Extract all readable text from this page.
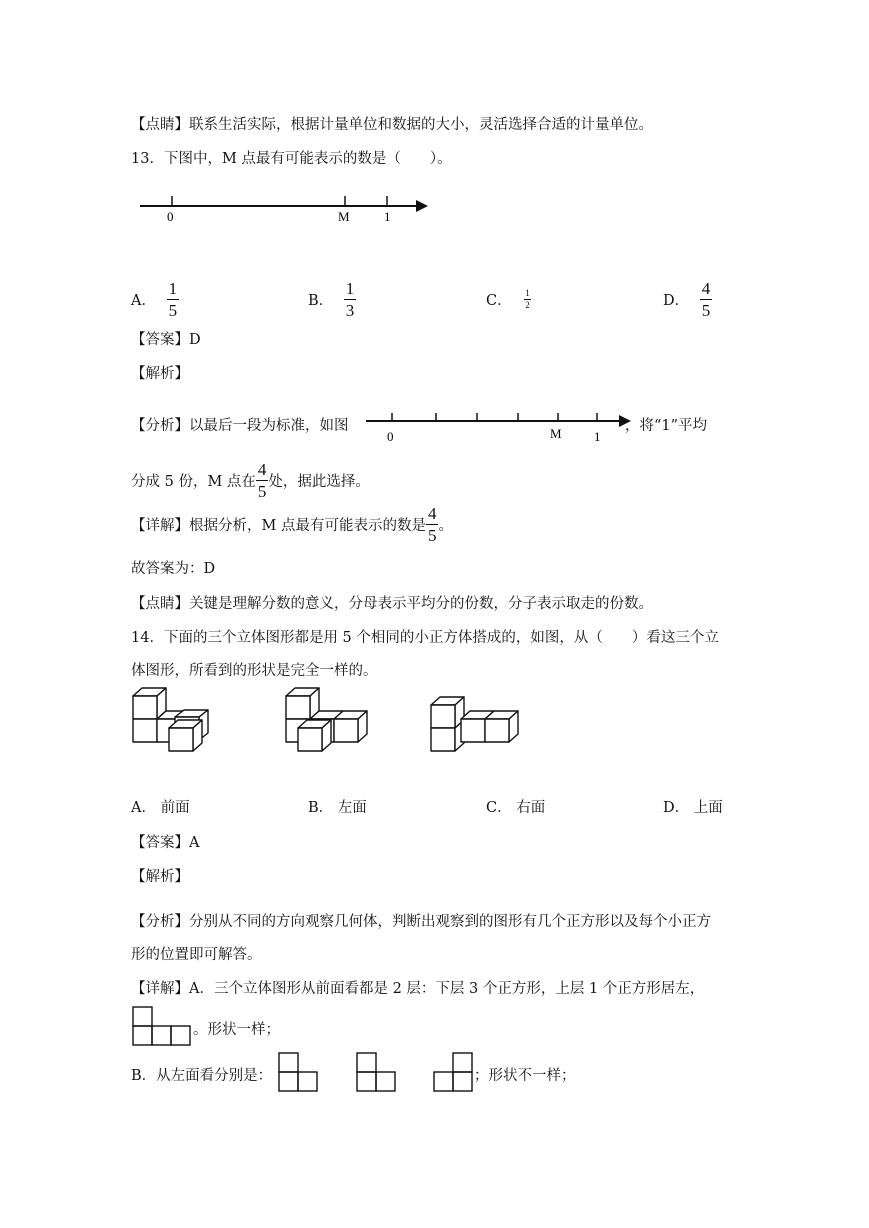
【点睛】联系生活实际，根据计量单位和数据的大小，灵活选择合适的计量单位。
13．下图中，M 点最有可能表示的数是（　　）。
0	M	1
A． $\frac{1}{5}$	B． $\frac{1}{3}$	C． $\frac{1}{2}$	D． $\frac{4}{5}$
【答案】D
【解析】
【分析】以最后一段为标准，如图
0	M 1
，将“1”平均
分成 5 份，M 点在 $\frac{4}{5}$ 处，据此选择。
【详解】根据分析，M 点最有可能表示的数是 $\frac{4}{5}$ 。
故答案为：D
【点睛】关键是理解分数的意义，分母表示平均分的份数，分子表示取走的份数。
14．下面的三个立体图形都是用 5 个相同的小正方体搭成的，如图，从（　　）看这三个立
体图形，所看到的形状是完全一样的。
A． 前面	B． 左面	C． 右面	D． 上面
【答案】A
【解析】
【分析】分别从不同的方向观察几何体，判断出观察到的图形有几个正方形以及每个小正方
形的位置即可解答。
【详解】A．三个立体图形从前面看都是 2 层：下层 3 个正方形，上层 1 个正方形居左，
。形状一样；
B．从左面看分别是：	；形状不一样；
